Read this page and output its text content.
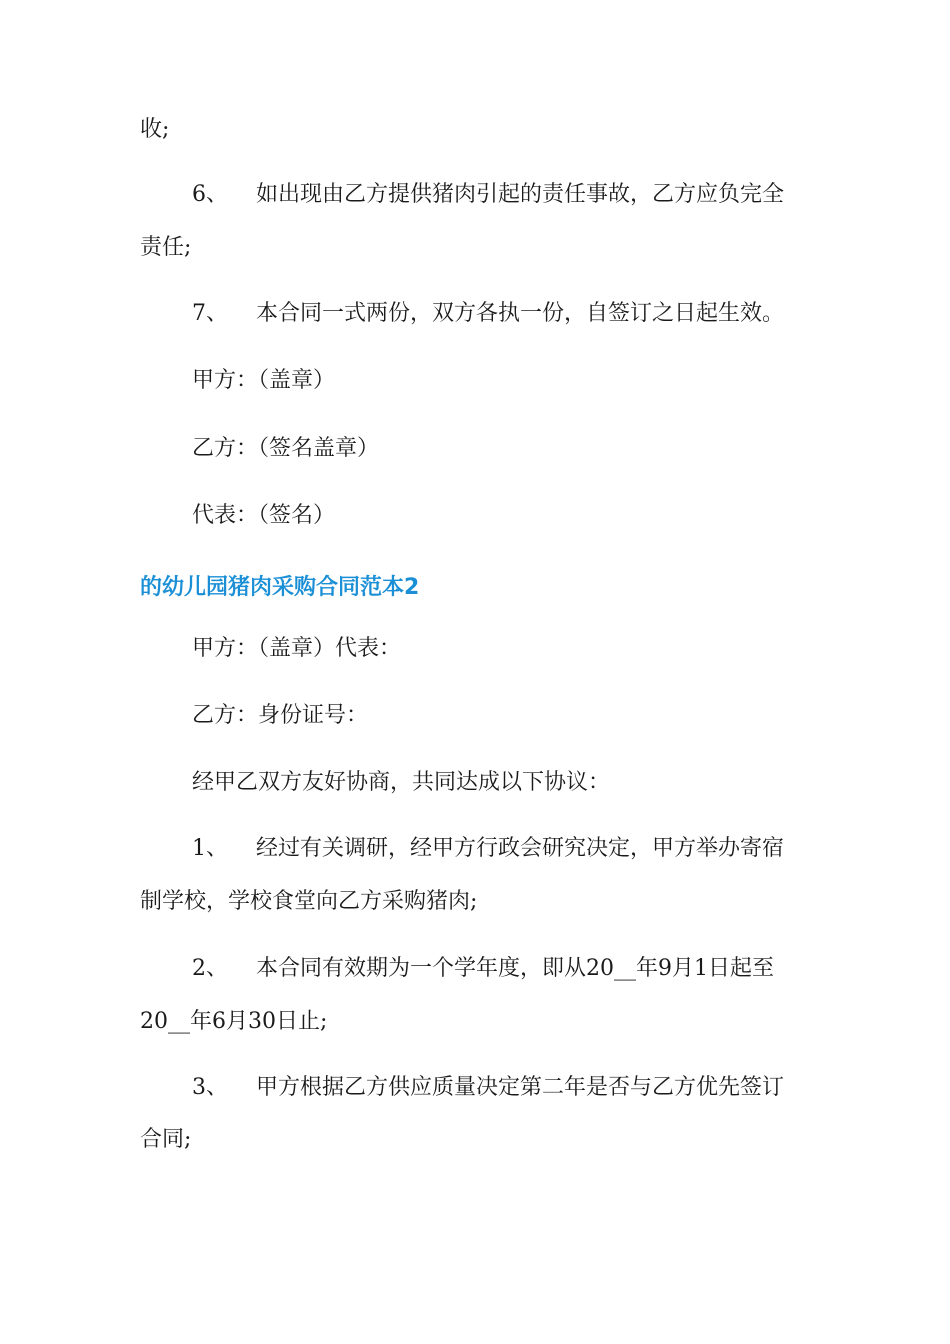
收;
6、 如出现由乙方提供猪肉引起的责任事故，乙方应负完全
责任;
7、 本合同一式两份，双方各执一份，自签订之日起生效。
甲方：（盖章）
乙方：（签名盖章）
代表：（签名）
的幼儿园猪肉采购合同范本2
甲方：（盖章）代表：
乙方：身份证号：
经甲乙双方友好协商，共同达成以下协议：
1、 经过有关调研，经甲方行政会研究决定，甲方举办寄宿
制学校，学校食堂向乙方采购猪肉;
2、 本合同有效期为一个学年度，即从20__年9月1日起至
20__年6月30日止;
3、 甲方根据乙方供应质量决定第二年是否与乙方优先签订
合同;
